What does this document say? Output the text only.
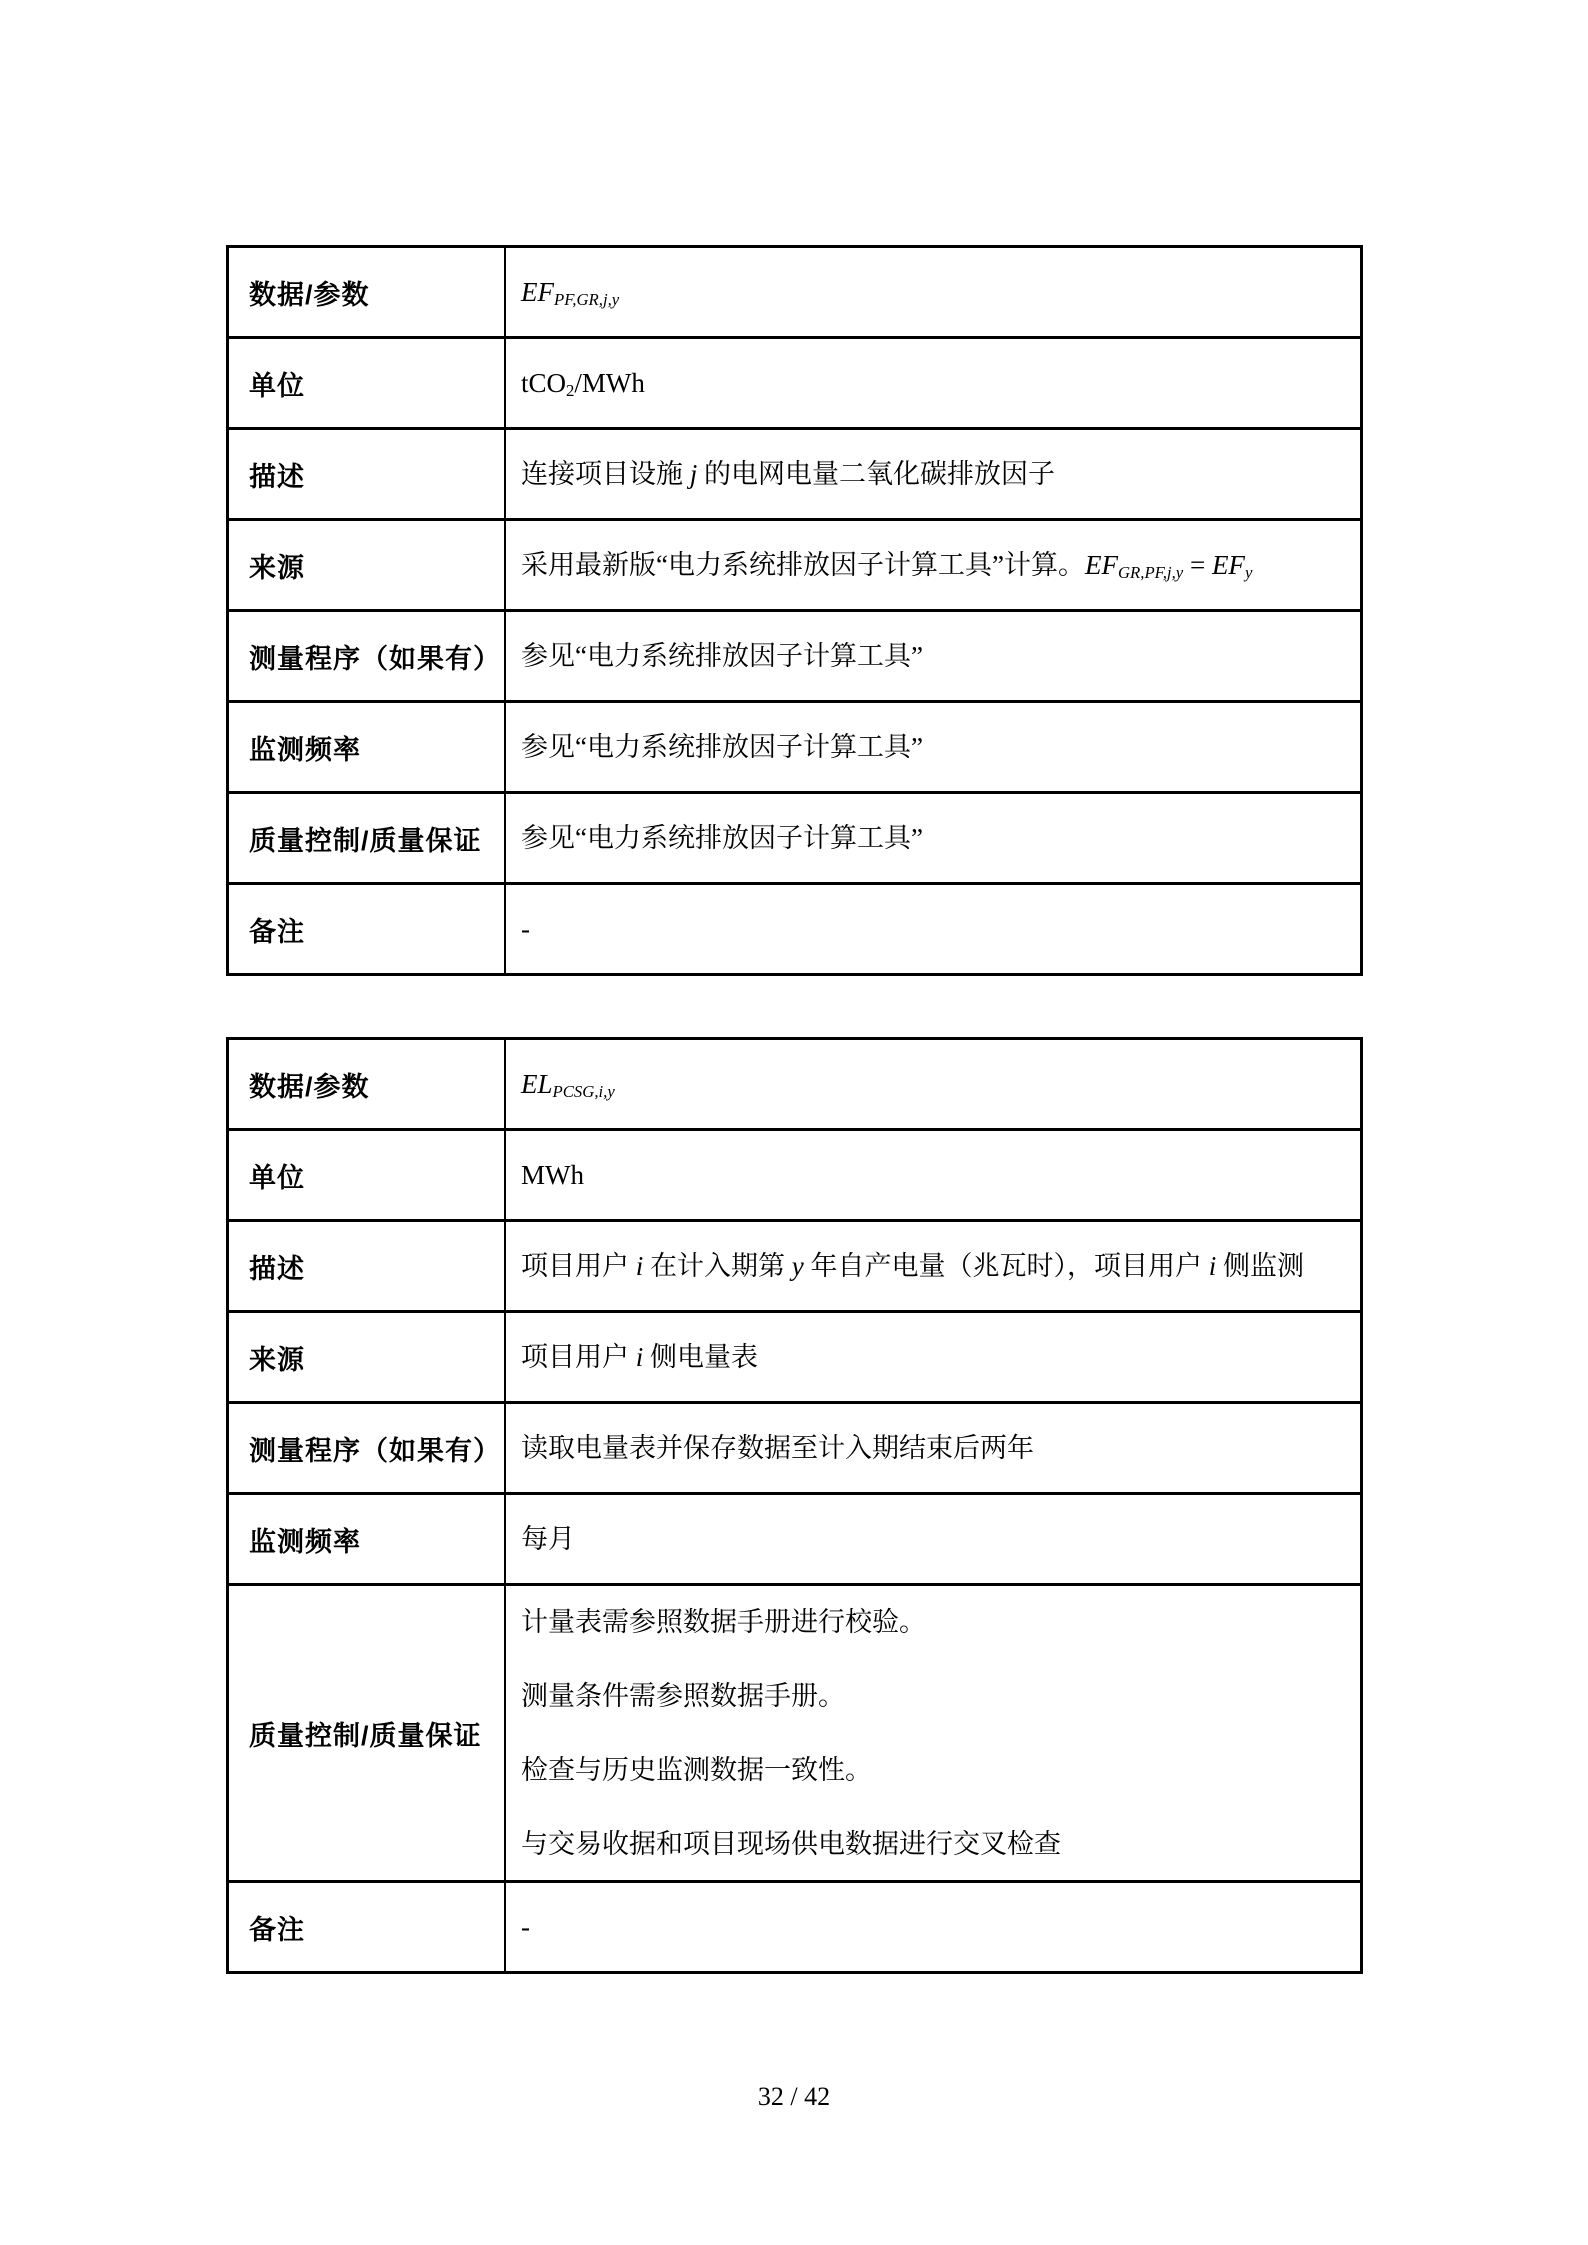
数据/参数	$EF_{PF,GR,j,y}$
单位	tCO$_2$/MWh
描述	连接项目设施 j 的电网电量二氧化碳排放因子
来源	采用最新版“电力系统排放因子计算工具”计算。$EF_{GR,PF,j,y} = EF_y$
测量程序（如果有） 参见“电力系统排放因子计算工具”
监测频率	参见“电力系统排放因子计算工具”
质量控制/质量保证	参见“电力系统排放因子计算工具”
备注	-
数据/参数	$EL_{PCSG,i,y}$
单位	MWh
描述	项目用户 i 在计入期第 y 年自产电量（兆瓦时），项目用户 i 侧监测
来源	项目用户 i 侧电量表
测量程序（如果有） 读取电量表并保存数据至计入期结束后两年
监测频率	每月
质量控制/质量保证
计量表需参照数据手册进行校验。
测量条件需参照数据手册。
检查与历史监测数据一致性。
与交易收据和项目现场供电数据进行交叉检查
备注	-
32 / 42
